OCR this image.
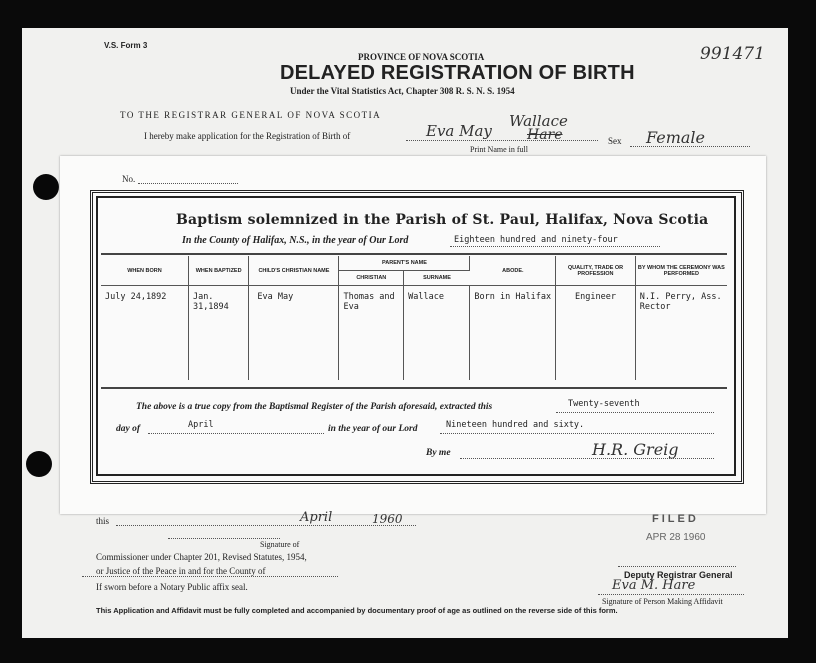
V.S. Form 3	991471
PROVINCE OF NOVA SCOTIA
DELAYED REGISTRATION OF BIRTH
Under the Vital Statistics Act, Chapter 308 R. S. N. S. 1954
TO THE REGISTRAR GENERAL OF NOVA SCOTIA
I hereby make application for the Registration of Birth of	Eva May
Wallace
Hare
Print Name in full
Sex Female
No.
Baptism solemnized in the Parish of St. Paul, Halifax, Nova Scotia
In the County of Halifax, N.S., in the year of Our Lord	Eighteen hundred and ninety-four
WHEN BORN	WHEN BAPTIZED	CHILD'S CHRISTIAN NAME	PARENT'S NAME		ABODE.	QUALITY, TRADE OR PROFESSION	BY WHOM THE CEREMONY WAS PERFORMED
			CHRISTIAN	SURNAME			
July 24,1892	Jan. 31,1894	Eva May	Thomas and Eva	Wallace	Born in Halifax	Engineer	N.I. Perry, Ass. Rector
The above is a true copy from the Baptismal Register of the Parish aforesaid, extracted this	Twenty-seventh
day of	April	in the year of our Lord	Nineteen hundred and sixty.
By me	H.R. Greig
this	April	1960
Signature of
Commissioner under Chapter 201, Revised Statutes, 1954,
or Justice of the Peace in and for the County of
If sworn before a Notary Public affix seal.
FILED
APR 28 1960
Deputy Registrar General
Eva M. Hare
Signature of Person Making Affidavit
This Application and Affidavit must be fully completed and accompanied by documentary proof of age as outlined on the reverse side of this form.
